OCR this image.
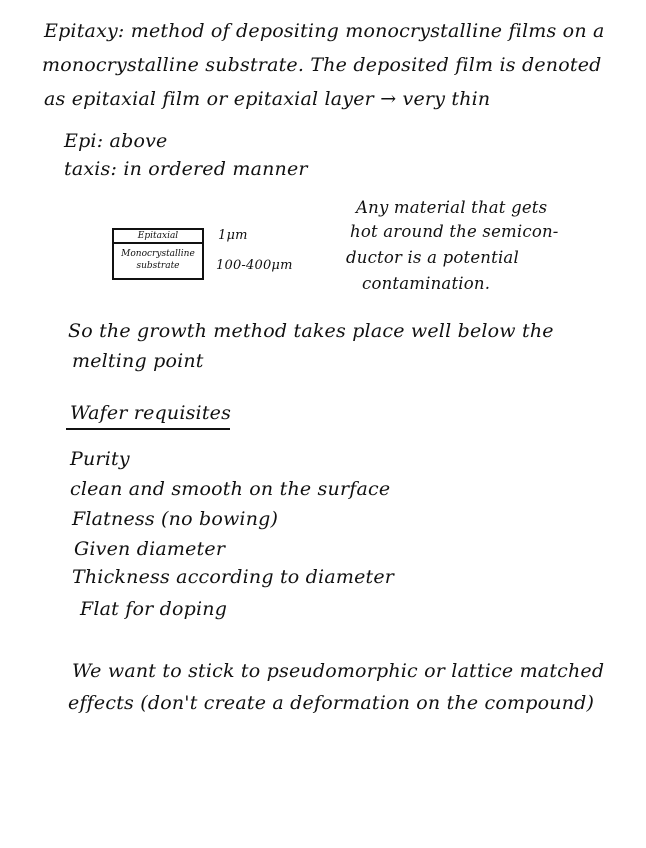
Epitaxy: method of depositing monocrystalline films on a
monocrystalline substrate. The deposited film is denoted
as epitaxial film or epitaxial layer → very thin
Epi: above
taxis: in ordered manner
Epitaxial
Monocrystalline
substrate
1μm
100-400μm
Any material that gets
hot around the semicon-
ductor is a potential
contamination.
So the growth method takes place well below the
melting point
Wafer requisites
Purity
clean and smooth on the surface
Flatness (no bowing)
Given diameter
Thickness according to diameter
Flat for doping
We want to stick to pseudomorphic or lattice matched
effects (don't create a deformation on the compound)
